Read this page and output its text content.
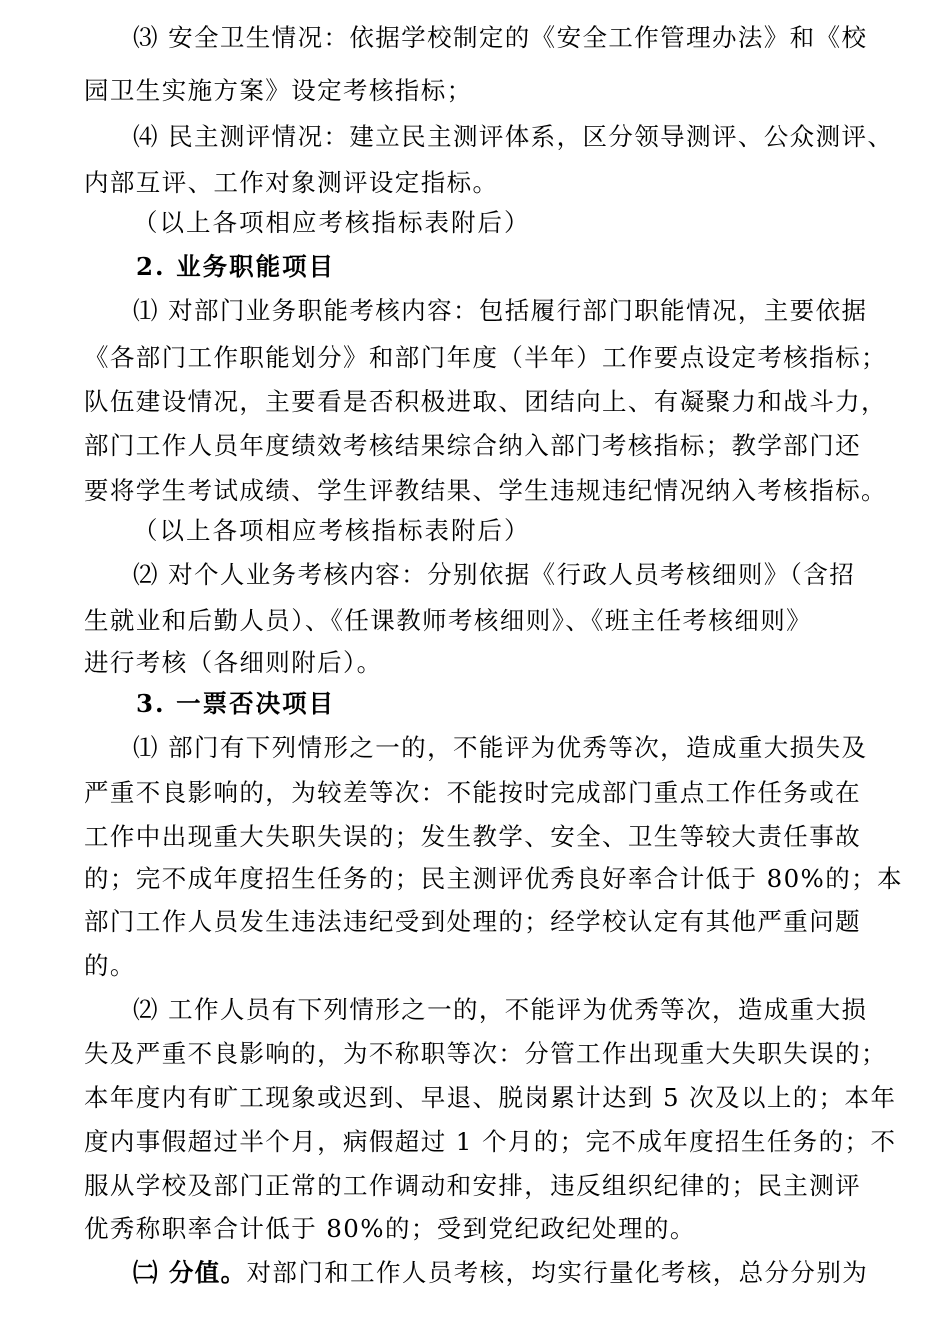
⑶ 安全卫生情况：依据学校制定的《安全工作管理办法》和《校
园卫生实施方案》设定考核指标；
⑷ 民主测评情况：建立民主测评体系，区分领导测评、公众测评、
内部互评、工作对象测评设定指标。
（以上各项相应考核指标表附后）
2. 业务职能项目
⑴ 对部门业务职能考核内容：包括履行部门职能情况，主要依据
《各部门工作职能划分》和部门年度（半年）工作要点设定考核指标；
队伍建设情况，主要看是否积极进取、团结向上、有凝聚力和战斗力，
部门工作人员年度绩效考核结果综合纳入部门考核指标；教学部门还
要将学生考试成绩、学生评教结果、学生违规违纪情况纳入考核指标。
（以上各项相应考核指标表附后）
⑵ 对个人业务考核内容：分别依据《行政人员考核细则》（含招
生就业和后勤人员）、《任课教师考核细则》、《班主任考核细则》
进行考核（各细则附后）。
3. 一票否决项目
⑴ 部门有下列情形之一的，不能评为优秀等次，造成重大损失及
严重不良影响的，为较差等次：不能按时完成部门重点工作任务或在
工作中出现重大失职失误的；发生教学、安全、卫生等较大责任事故
的；完不成年度招生任务的；民主测评优秀良好率合计低于 80%的；本
部门工作人员发生违法违纪受到处理的；经学校认定有其他严重问题
的。
⑵ 工作人员有下列情形之一的，不能评为优秀等次，造成重大损
失及严重不良影响的，为不称职等次：分管工作出现重大失职失误的；
本年度内有旷工现象或迟到、早退、脱岗累计达到 5 次及以上的；本年
度内事假超过半个月，病假超过 1 个月的；完不成年度招生任务的；不
服从学校及部门正常的工作调动和安排，违反组织纪律的；民主测评
优秀称职率合计低于 80%的；受到党纪政纪处理的。
㈡ 分值。对部门和工作人员考核，均实行量化考核，总分分别为
